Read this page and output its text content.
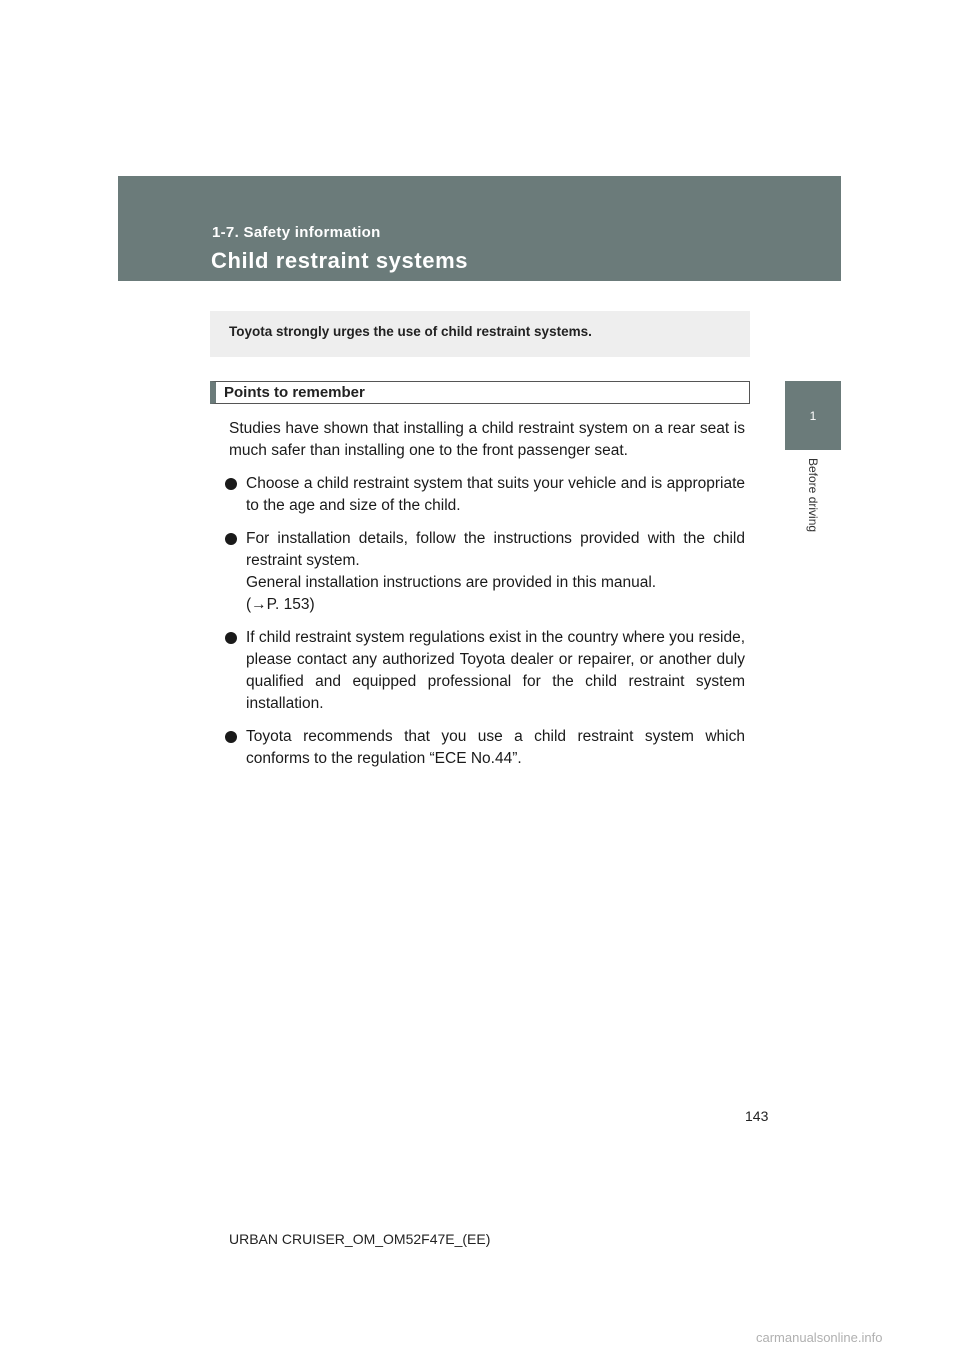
1-7. Safety information
Child restraint systems
1
Before driving
Toyota strongly urges the use of child restraint systems.
Points to remember

Studies have shown that installing a child restraint system on a rear seat is much safer than installing one to the front passenger seat.

Choose a child restraint system that suits your vehicle and is appropriate to the age and size of the child.
For installation details, follow the instructions provided with the child restraint system.
General installation instructions are provided in this manual.
(→P. 153)
If child restraint system regulations exist in the country where you reside, please contact any authorized Toyota dealer or repairer, or another duly qualified and equipped professional for the child restraint system installation.
Toyota recommends that you use a child restraint system which conforms to the regulation “ECE No.44”.
143
URBAN CRUISER_OM_OM52F47E_(EE)
carmanualsonline.info
